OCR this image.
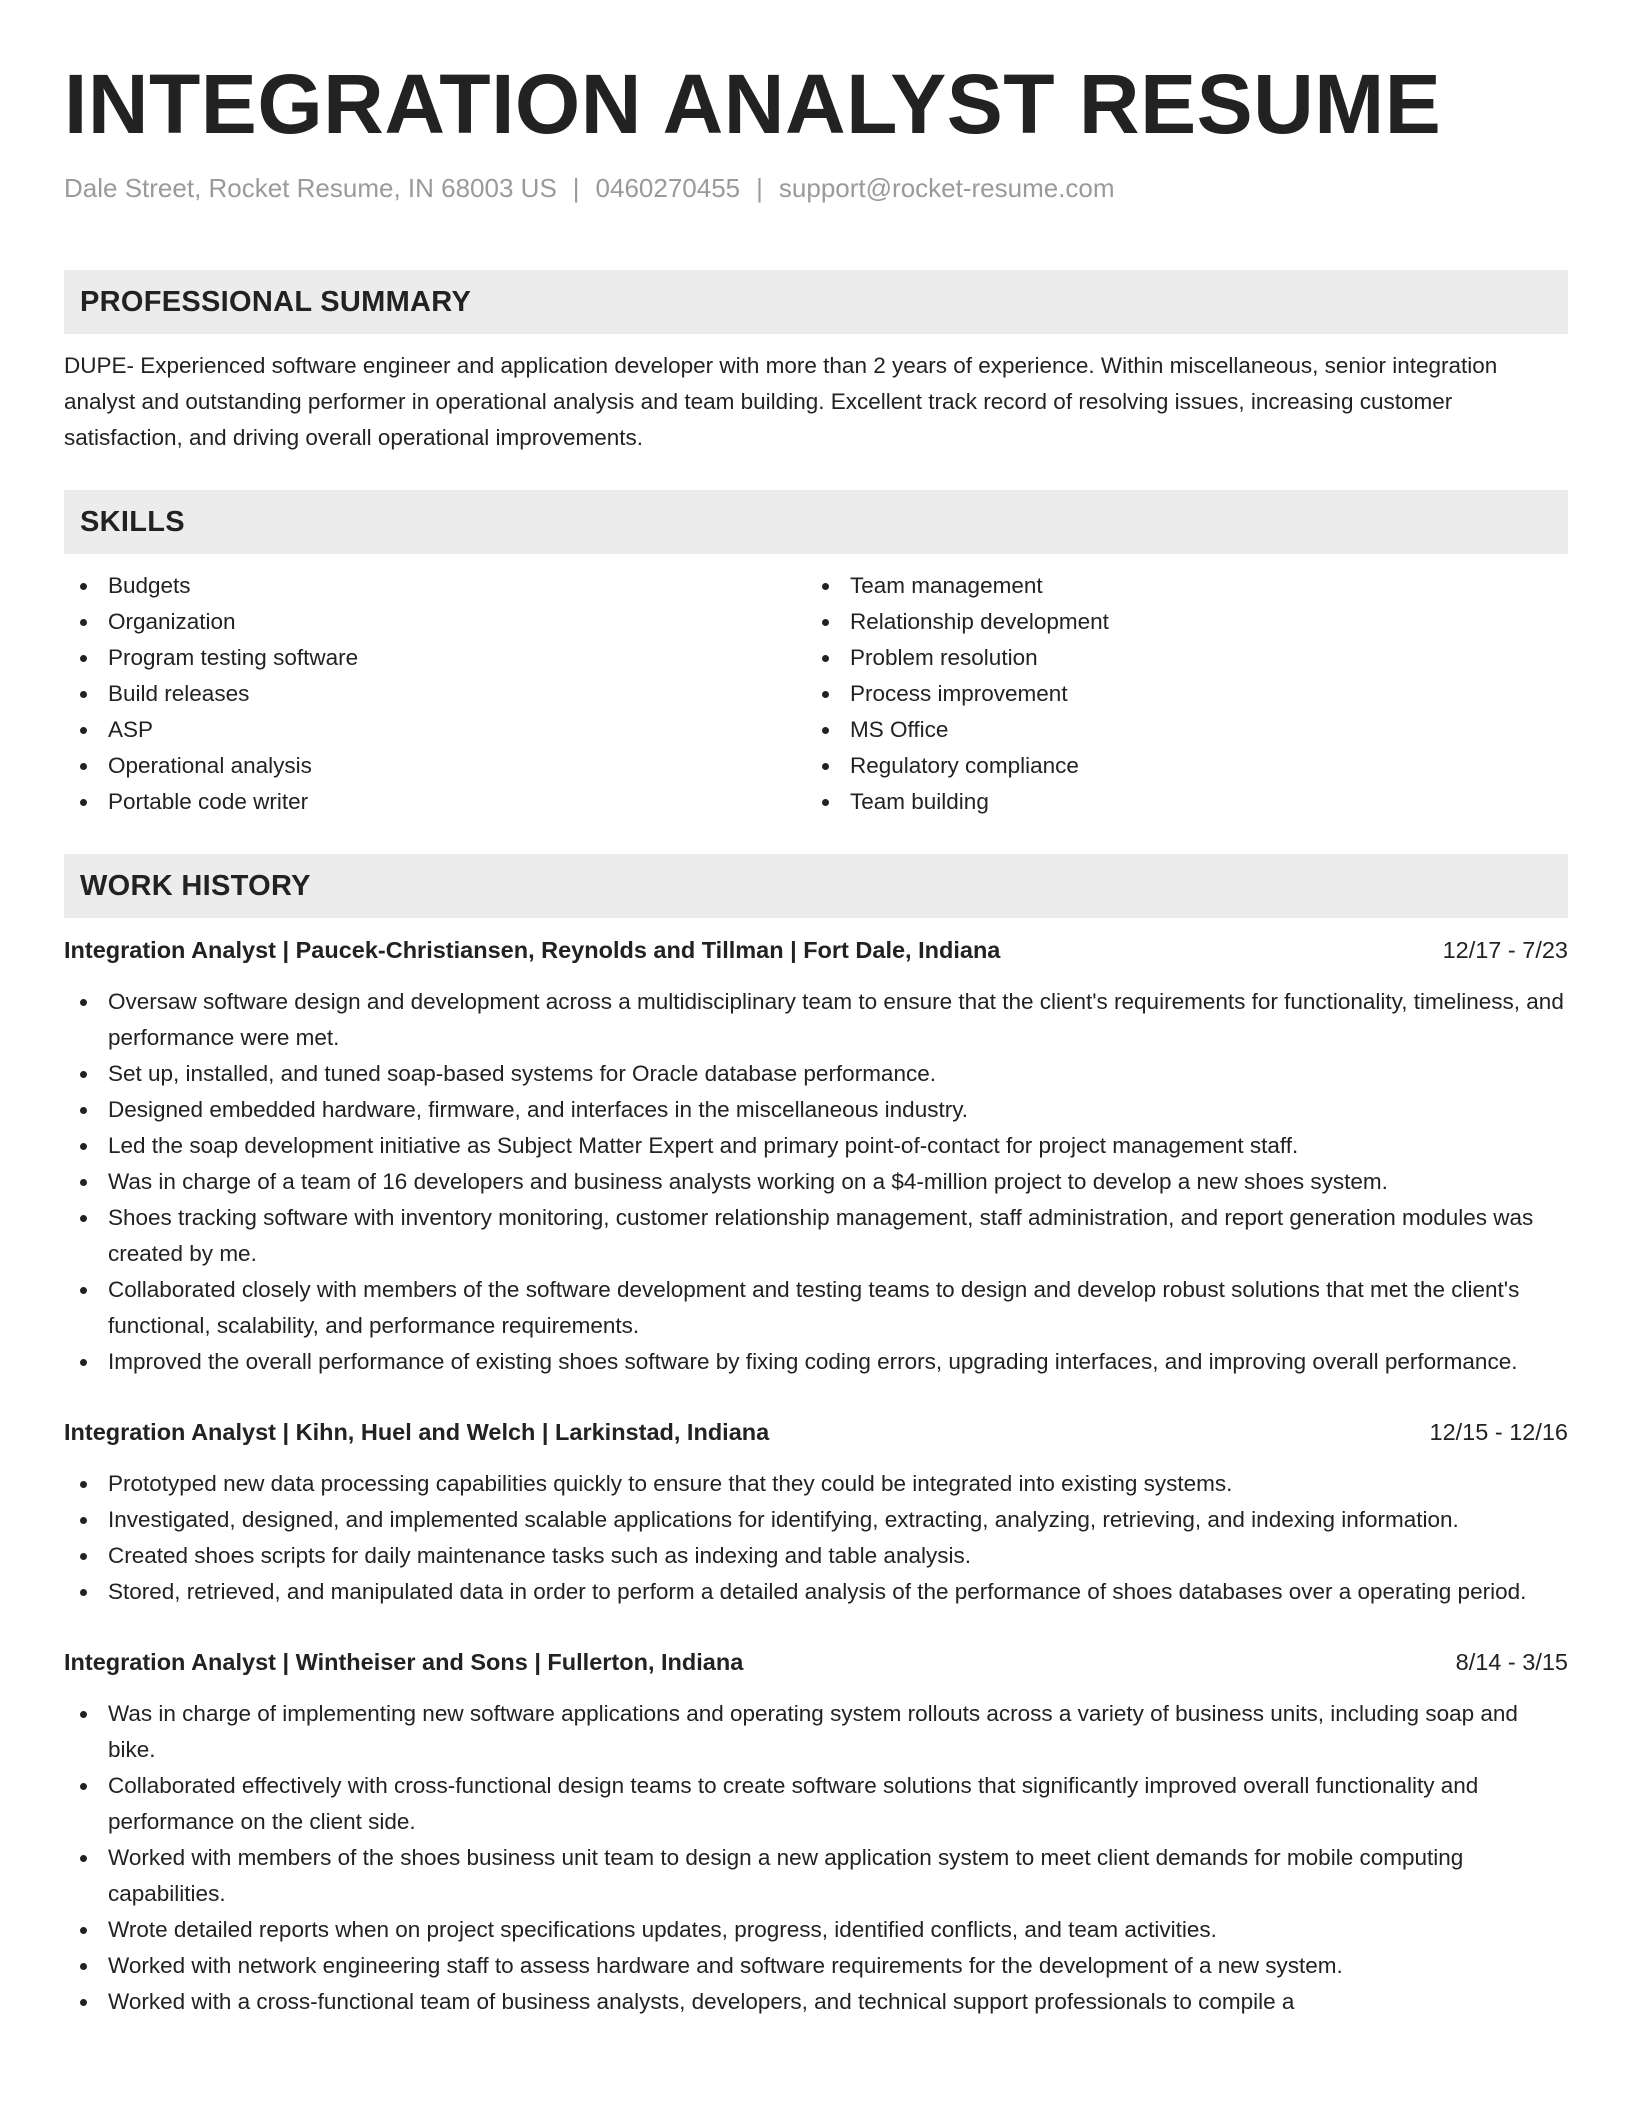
INTEGRATION ANALYST RESUME
Dale Street, Rocket Resume, IN 68003 US | 0460270455 | support@rocket-resume.com
PROFESSIONAL SUMMARY

DUPE- Experienced software engineer and application developer with more than 2 years of experience. Within miscellaneous, senior integration analyst and outstanding performer in operational analysis and team building. Excellent track record of resolving issues, increasing customer satisfaction, and driving overall operational improvements.

SKILLS
Budgets
Organization
Program testing software
Build releases
ASP
Operational analysis
Portable code writer
Team management
Relationship development
Problem resolution
Process improvement
MS Office
Regulatory compliance
Team building
WORK HISTORY
Integration Analyst | Paucek-Christiansen, Reynolds and Tillman | Fort Dale, Indiana	12/17 - 7/23
Oversaw software design and development across a multidisciplinary team to ensure that the client's requirements for functionality, timeliness, and performance were met.
Set up, installed, and tuned soap-based systems for Oracle database performance.
Designed embedded hardware, firmware, and interfaces in the miscellaneous industry.
Led the soap development initiative as Subject Matter Expert and primary point-of-contact for project management staff.
Was in charge of a team of 16 developers and business analysts working on a $4-million project to develop a new shoes system.
Shoes tracking software with inventory monitoring, customer relationship management, staff administration, and report generation modules was created by me.
Collaborated closely with members of the software development and testing teams to design and develop robust solutions that met the client's functional, scalability, and performance requirements.
Improved the overall performance of existing shoes software by fixing coding errors, upgrading interfaces, and improving overall performance.
Integration Analyst | Kihn, Huel and Welch | Larkinstad, Indiana	12/15 - 12/16
Prototyped new data processing capabilities quickly to ensure that they could be integrated into existing systems.
Investigated, designed, and implemented scalable applications for identifying, extracting, analyzing, retrieving, and indexing information.
Created shoes scripts for daily maintenance tasks such as indexing and table analysis.
Stored, retrieved, and manipulated data in order to perform a detailed analysis of the performance of shoes databases over a operating period.
Integration Analyst | Wintheiser and Sons | Fullerton, Indiana	8/14 - 3/15
Was in charge of implementing new software applications and operating system rollouts across a variety of business units, including soap and bike.
Collaborated effectively with cross-functional design teams to create software solutions that significantly improved overall functionality and performance on the client side.
Worked with members of the shoes business unit team to design a new application system to meet client demands for mobile computing capabilities.
Wrote detailed reports when on project specifications updates, progress, identified conflicts, and team activities.
Worked with network engineering staff to assess hardware and software requirements for the development of a new system.
Worked with a cross-functional team of business analysts, developers, and technical support professionals to compile a
